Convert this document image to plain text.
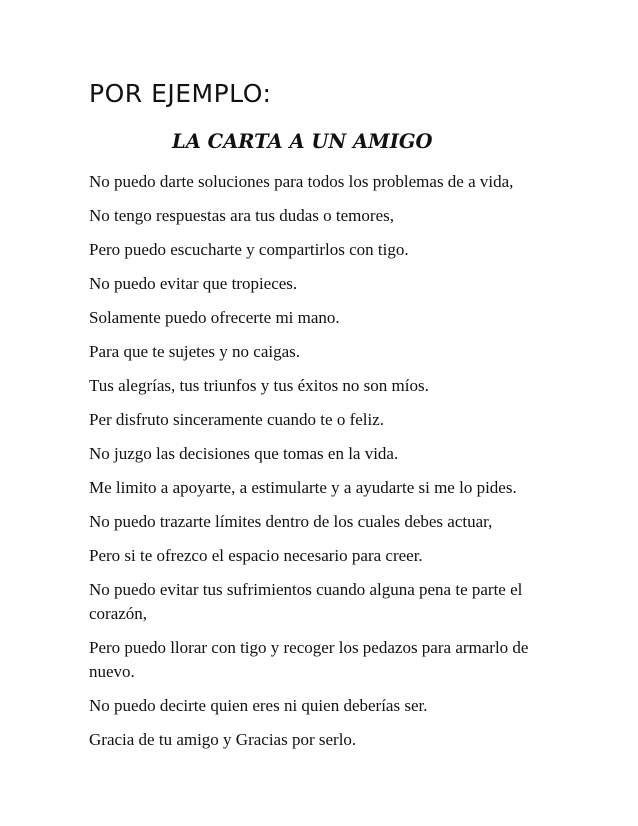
POR EJEMPLO:
LA CARTA A UN AMIGO

No puedo darte soluciones para todos los problemas de a vida,

No tengo respuestas ara tus dudas o temores,

Pero puedo escucharte y compartirlos con tigo.

No puedo evitar que tropieces.

Solamente puedo ofrecerte mi mano.

Para que te sujetes y no caigas.

Tus alegrías, tus triunfos y tus éxitos no son míos.

Per disfruto sinceramente cuando te o feliz.

No juzgo las decisiones que tomas en la vida.

Me limito a apoyarte, a estimularte y a ayudarte si me lo pides.

No puedo trazarte límites dentro de los cuales debes actuar,

Pero si te ofrezco el espacio necesario para creer.

No puedo evitar tus sufrimientos cuando alguna pena te parte el corazón,

Pero puedo llorar con tigo y recoger los pedazos para armarlo de nuevo.

No puedo decirte quien eres ni quien deberías ser.

Gracia de tu amigo y Gracias por serlo.
